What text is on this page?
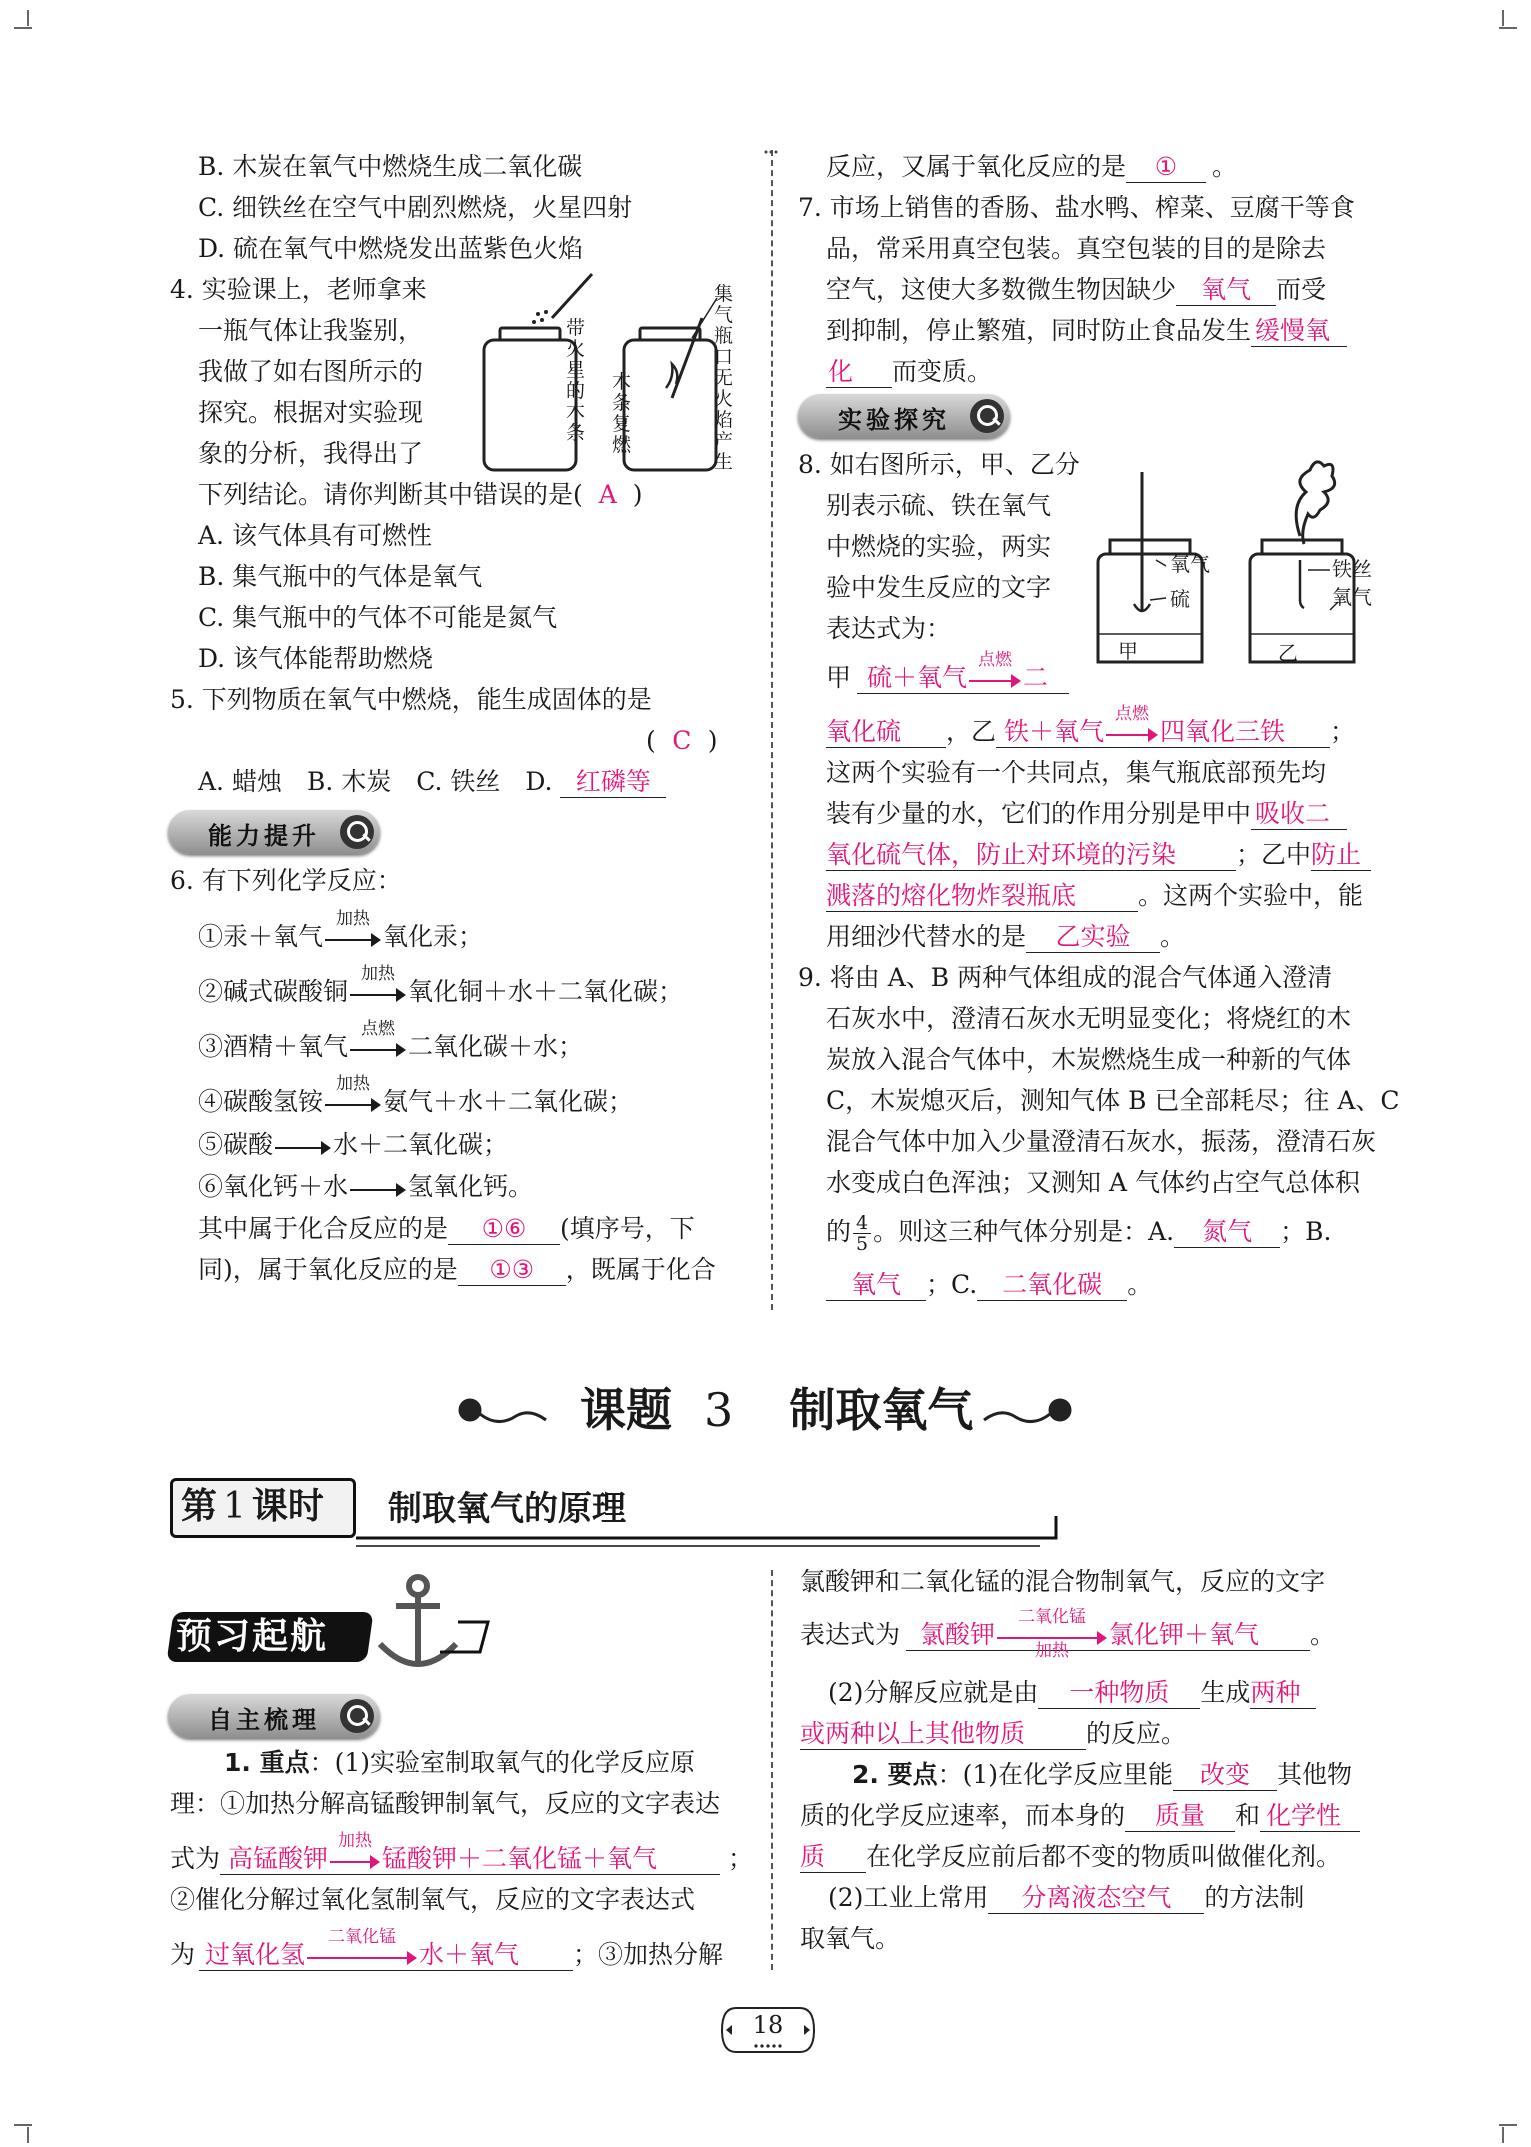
B. 木炭在氧气中燃烧生成二氧化碳
C. 细铁丝在空气中剧烈燃烧，火星四射
D. 硫在氧气中燃烧发出蓝紫色火焰
4. 实验课上，老师拿来
一瓶气体让我鉴别，
我做了如右图所示的
探究。根据对实验现
象的分析，我得出了
下列结论。请你判断其中错误的是( A )
带火星的木条
木条复燃
集气瓶口无火焰产生
A. 该气体具有可燃性
B. 集气瓶中的气体是氧气
C. 集气瓶中的气体不可能是氮气
D. 该气体能帮助燃烧
5. 下列物质在氧气中燃烧，能生成固体的是
( C )
A. 蜡烛　B. 木炭　C. 铁丝　D. 红磷等
能力提升
6. 有下列化学反应：
①汞＋氧气
加热
氧化汞；
②碱式碳酸铜
加热
氧化铜＋水＋二氧化碳；
③酒精＋氧气
点燃
二氧化碳＋水；
④碳酸氢铵
加热
氨气＋水＋二氧化碳；
⑤碳酸 水＋二氧化碳；
⑥氧化钙＋水 氢氧化钙。
其中属于化合反应的是 ①⑥ (填序号，下
同)，属于氧化反应的是 ①③ ，既属于化合
反应，又属于氧化反应的是 ① 。
7. 市场上销售的香肠、盐水鸭、榨菜、豆腐干等食
品，常采用真空包装。真空包装的目的是除去
空气，这使大多数微生物因缺少 氧气 而受
到抑制，停止繁殖，同时防止食品发生 缓慢氧
化 而变质。
实验探究
8. 如右图所示，甲、乙分
别表示硫、铁在氧气
中燃烧的实验，两实
验中发生反应的文字
表达式为：
氧气
硫
铁丝
氧气
甲	乙
甲 硫＋氧气
点燃
二
氧化硫 ，乙 铁＋氧气
点燃
四氧化三铁 ；
这两个实验有一个共同点，集气瓶底部预先均
装有少量的水，它们的作用分别是甲中 吸收二
氧化硫气体，防止对环境的污染 ；乙中防止
溅落的熔化物炸裂瓶底 。这两个实验中，能
用细沙代替水的是 乙实验 。
9. 将由 A、B 两种气体组成的混合气体通入澄清
石灰水中，澄清石灰水无明显变化；将烧红的木
炭放入混合气体中，木炭燃烧生成一种新的气体
C，木炭熄灭后，测知气体 B 已全部耗尽；往 A、C
混合气体中加入少量澄清石灰水，振荡，澄清石灰
水变成白色浑浊；又测知 A 气体约占空气总体积
的 $\frac{4}{5}$ 。则这三种气体分别是：A. 氮气 ；B.
氧气 ；C. 二氧化碳 。
课题 3 制取氧气
第 1 课时	制取氧气的原理
预习起航
自主梳理
1. 重点：(1)实验室制取氧气的化学反应原
理：①加热分解高锰酸钾制氧气，反应的文字表达
式为 高锰酸钾
加热
锰酸钾＋二氧化锰＋氧气	；
②催化分解过氧化氢制氧气，反应的文字表达式
为 过氧化氢
二氧化锰
水＋氧气 ；③加热分解
氯酸钾和二氧化锰的混合物制氧气，反应的文字
表达式为 氯酸钾
二氧化锰
加热
氯化钾＋氧气 。
(2)分解反应就是由 一种物质 生成两种
或两种以上其他物质 的反应。
2. 要点：(1)在化学反应里能 改变 其他物
质的化学反应速率，而本身的 质量 和 化学性
质 在化学反应前后都不变的物质叫做催化剂。
(2)工业上常用 分离液态空气 的方法制
取氧气。
18
